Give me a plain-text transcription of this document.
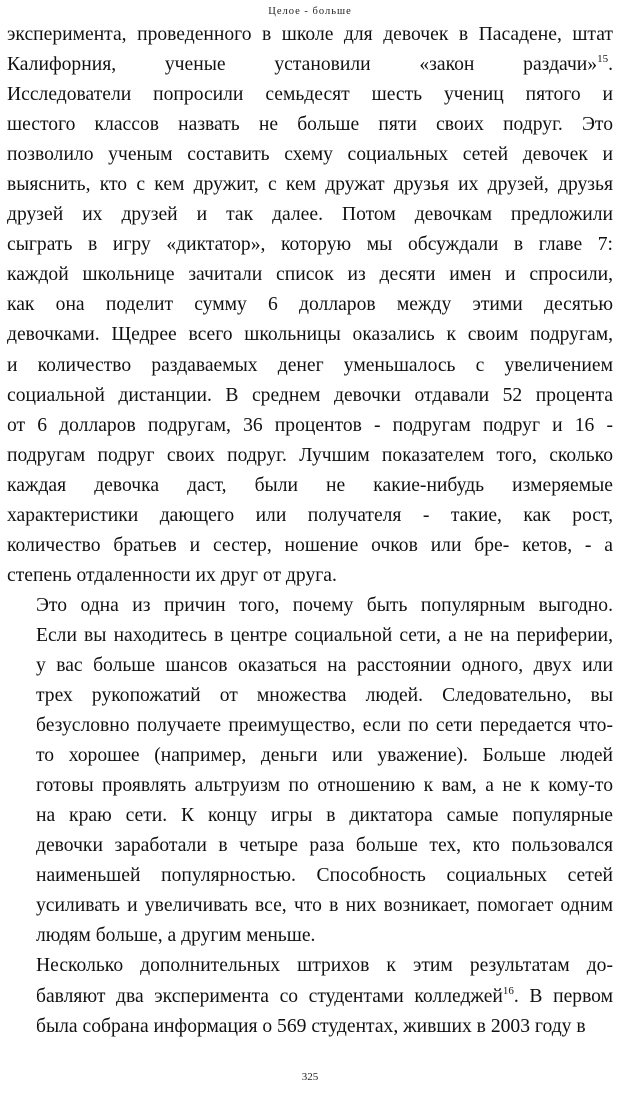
Целое - больше

эксперимента, проведенного в школе для девочек в Пасадене, штат
Калифорния, ученые установили «закон раздачи»$^{15}$.
Исследователи попросили семьдесят шесть учениц пятого и
шестого классов назвать не больше пяти своих подруг. Это
позволило ученым составить схему социальных сетей девочек и
выяснить, кто с кем дружит, с кем дружат друзья их друзей, друзья
друзей их друзей и так далее. Потом девочкам предложили
сыграть в игру «диктатор», которую мы обсуждали в главе 7:
каждой школьнице зачитали список из десяти имен и спросили,
как она поделит сумму 6 долларов между этими десятью
девочками. Щедрее всего школьницы оказались к своим подругам,
и количество раздаваемых денег уменьшалось с увеличением
социальной дистанции. В среднем девочки отдавали 52 процента
от 6 долларов подругам, 36 процентов - подругам подруг и 16 -
подругам подруг своих подруг. Лучшим показателем того, сколько
каждая девочка даст, были не какие-нибудь измеряемые
характеристики дающего или получателя - такие, как рост,
количество братьев и сестер, ношение очков или бре- кетов, - а
степень отдаленности их друг от друга.

Это одна из причин того, почему быть популярным выгодно.
Если вы находитесь в центре социальной сети, а не на периферии,
у вас больше шансов оказаться на расстоянии одного, двух или
трех рукопожатий от множества людей. Следовательно, вы
безусловно получаете преимущество, если по сети передается что-
то хорошее (например, деньги или уважение). Больше людей
готовы проявлять альтруизм по отношению к вам, а не к кому-то
на краю сети. К концу игры в диктатора самые популярные
девочки заработали в четыре раза больше тех, кто пользовался
наименьшей популярностью. Способность социальных сетей
усиливать и увеличивать все, что в них возникает, помогает одним
людям больше, а другим меньше.

Несколько дополнительных штрихов к этим результатам до-
бавляют два эксперимента со студентами колледжей$^{16}$. В первом
была собрана информация о 569 студентах, живших в 2003 году в

325
